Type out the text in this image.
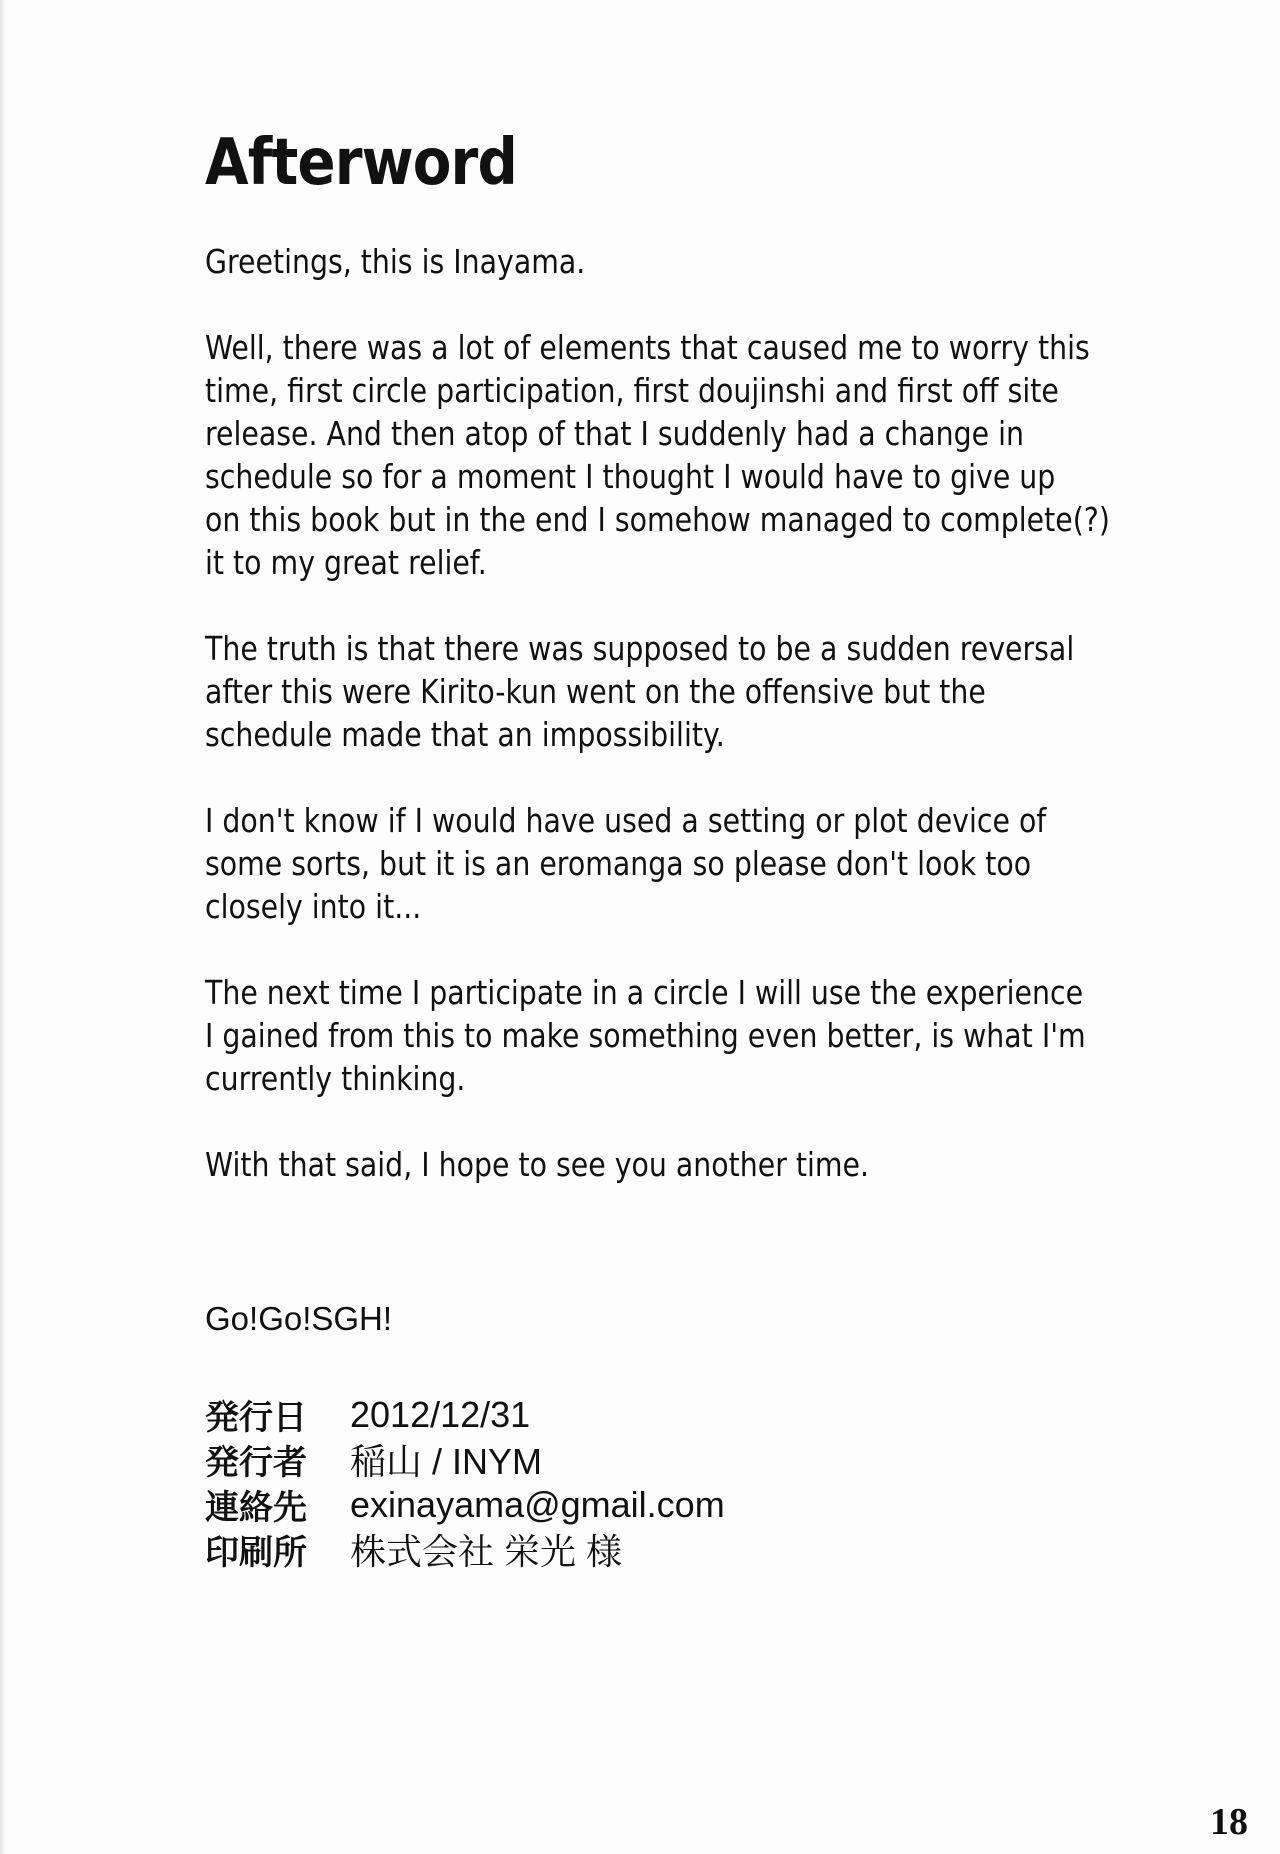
Afterword

Greetings, this is Inayama.

Well, there was a lot of elements that caused me to worry this
time, first circle participation, first doujinshi and first off site
release. And then atop of that I suddenly had a change in
schedule so for a moment I thought I would have to give up
on this book but in the end I somehow managed to complete(?)
it to my great relief.

The truth is that there was supposed to be a sudden reversal
after this were Kirito-kun went on the offensive but the
schedule made that an impossibility.

I don't know if I would have used a setting or plot device of
some sorts, but it is an eromanga so please don't look too
closely into it...

The next time I participate in a circle I will use the experience
I gained from this to make something even better, is what I'm
currently thinking.

With that said, I hope to see you another time.

Go!Go!SGH!
発行日	2012/12/31
発行者	稲山 / INYM
連絡先	exinayama@gmail.com
印刷所	株式会社 栄光 様
18
